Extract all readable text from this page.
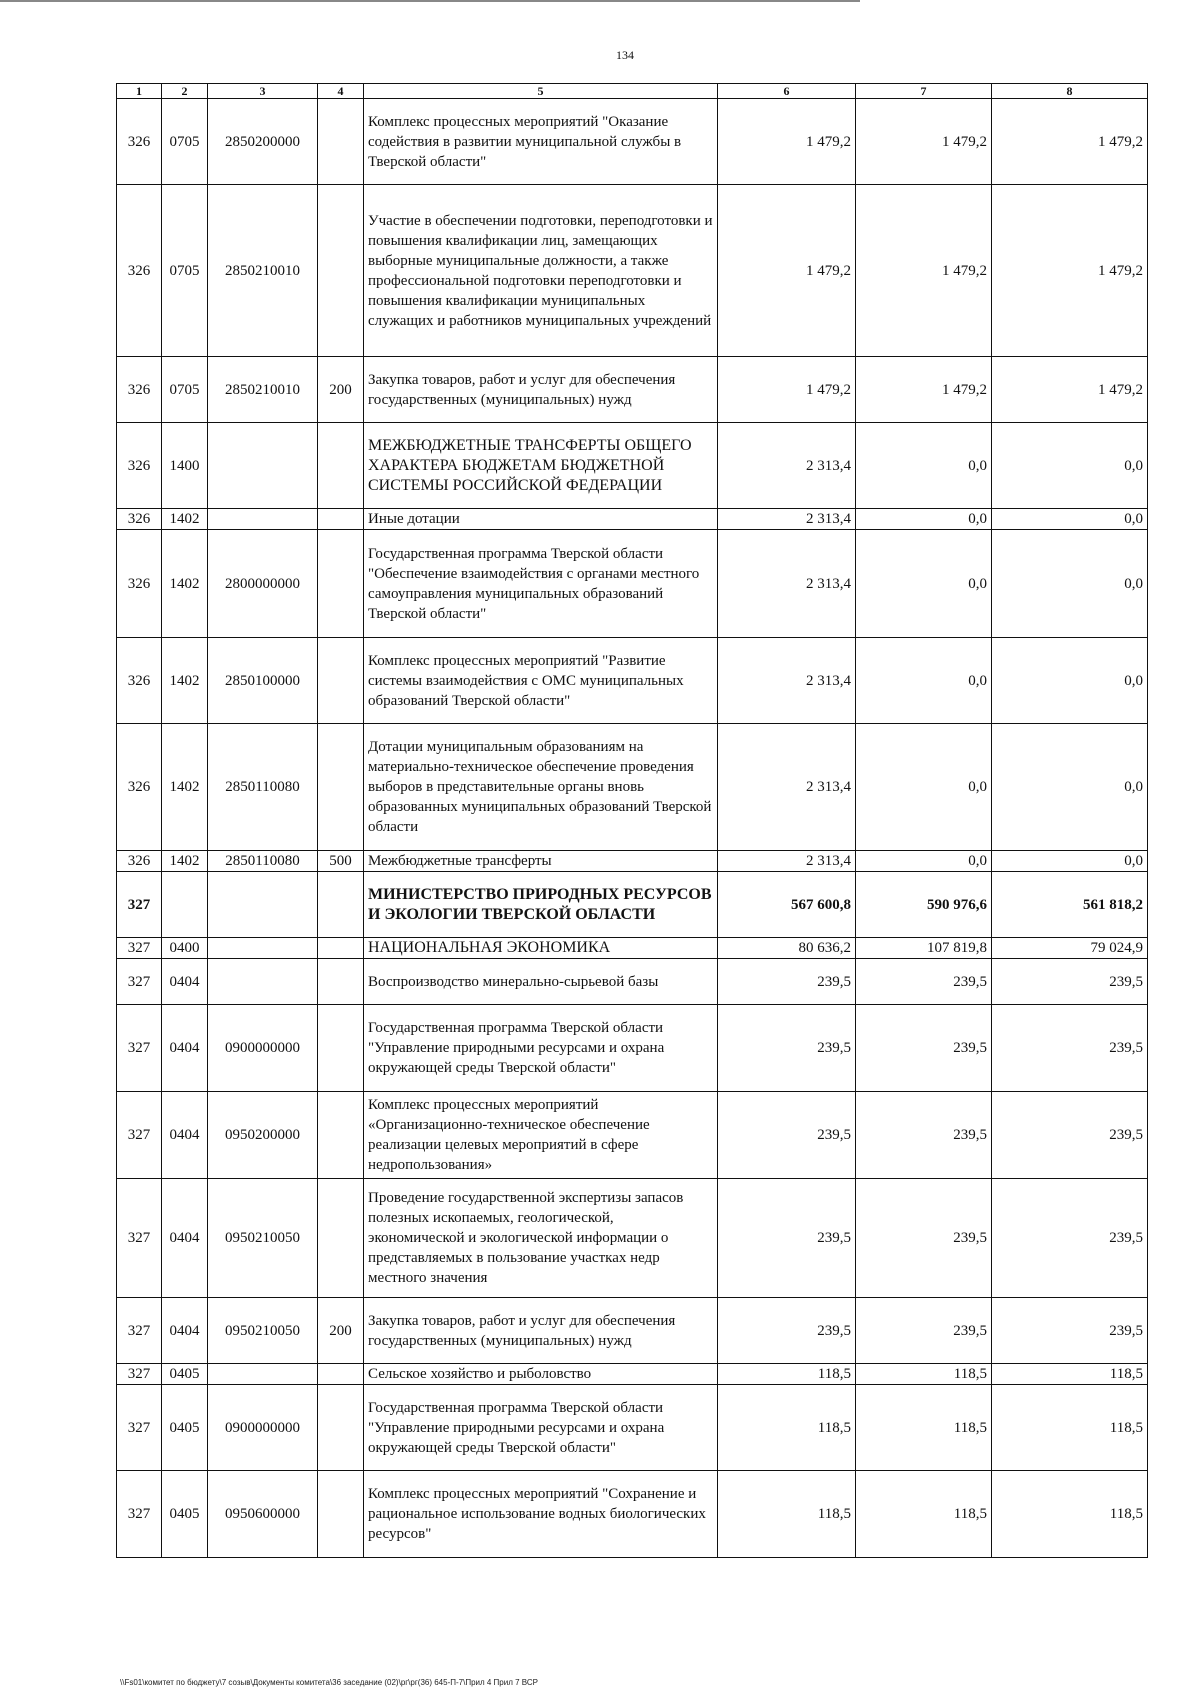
134
1	2	3	4	5	6	7	8
326	0705	2850200000		Комплекс процессных мероприятий "Оказание содействия в развитии муниципальной службы в Тверской области"	1 479,2	1 479,2	1 479,2
326	0705	2850210010		Участие в обеспечении подготовки, переподготовки и повышения квалификации лиц, замещающих выборные муниципальные должности, а также профессиональной подготовки переподготовки и повышения квалификации муниципальных служащих и работников муниципальных учреждений	1 479,2	1 479,2	1 479,2
326	0705	2850210010	200	Закупка товаров, работ и услуг для обеспечения государственных (муниципальных) нужд	1 479,2	1 479,2	1 479,2
326	1400			МЕЖБЮДЖЕТНЫЕ ТРАНСФЕРТЫ ОБЩЕГО ХАРАКТЕРА БЮДЖЕТАМ БЮДЖЕТНОЙ СИСТЕМЫ РОССИЙСКОЙ ФЕДЕРАЦИИ	2 313,4	0,0	0,0
326	1402			Иные дотации	2 313,4	0,0	0,0
326	1402	2800000000		Государственная программа Тверской области "Обеспечение взаимодействия с органами местного самоуправления муниципальных образований Тверской области"	2 313,4	0,0	0,0
326	1402	2850100000		Комплекс процессных мероприятий "Развитие системы взаимодействия с ОМС муниципальных образований Тверской области"	2 313,4	0,0	0,0
326	1402	2850110080		Дотации муниципальным образованиям на материально-техническое обеспечение проведения выборов в представительные органы вновь образованных муниципальных образований Тверской области	2 313,4	0,0	0,0
326	1402	2850110080	500	Межбюджетные трансферты	2 313,4	0,0	0,0
327				МИНИСТЕРСТВО ПРИРОДНЫХ РЕСУРСОВ И ЭКОЛОГИИ ТВЕРСКОЙ ОБЛАСТИ	567 600,8	590 976,6	561 818,2
327	0400			НАЦИОНАЛЬНАЯ ЭКОНОМИКА	80 636,2	107 819,8	79 024,9
327	0404			Воспроизводство минерально-сырьевой базы	239,5	239,5	239,5
327	0404	0900000000		Государственная программа Тверской области "Управление природными ресурсами и охрана окружающей среды Тверской области"	239,5	239,5	239,5
327	0404	0950200000		Комплекс процессных мероприятий «Организационно-техническое обеспечение реализации целевых мероприятий в сфере недропользования»	239,5	239,5	239,5
327	0404	0950210050		Проведение государственной экспертизы запасов полезных ископаемых, геологической, экономической и экологической информации о представляемых в пользование участках недр местного значения	239,5	239,5	239,5
327	0404	0950210050	200	Закупка товаров, работ и услуг для обеспечения государственных (муниципальных) нужд	239,5	239,5	239,5
327	0405			Сельское хозяйство и рыболовство	118,5	118,5	118,5
327	0405	0900000000		Государственная программа Тверской области "Управление природными ресурсами и охрана окружающей среды Тверской области"	118,5	118,5	118,5
327	0405	0950600000		Комплекс процессных мероприятий "Сохранение и рациональное использование водных биологических ресурсов"	118,5	118,5	118,5
\\Fs01\комитет по бюджету\7 созыв\Документы комитета\36 заседание (02)\рг\рг(36) 645-П-7\Прил 4 Прил 7 ВСР
